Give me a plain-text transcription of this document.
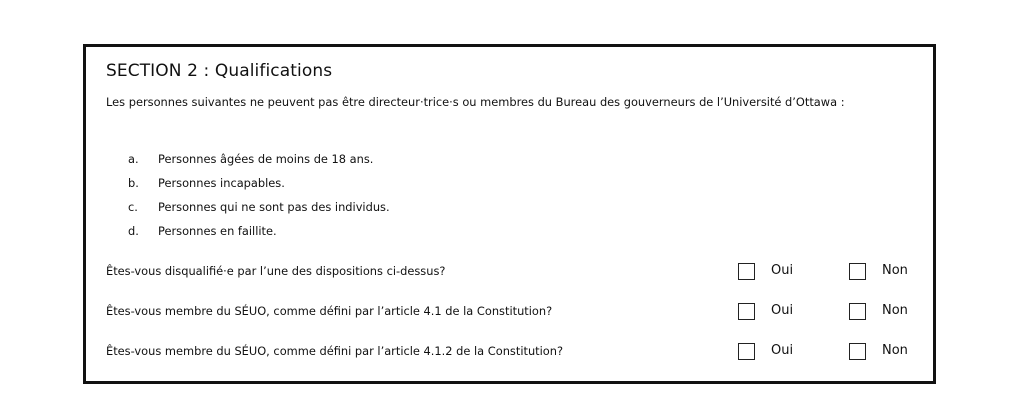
SECTION 2 : Qualifications
Les personnes suivantes ne peuvent pas être directeur·trice·s ou membres du Bureau des gouverneurs de l’Université d’Ottawa :
a. Personnes âgées de moins de 18 ans.
b. Personnes incapables.
c. Personnes qui ne sont pas des individus.
d. Personnes en faillite.
Êtes-vous disqualifié·e par l’une des dispositions ci-dessus?	Oui	Non
Êtes-vous membre du SÉUO, comme défini par l’article 4.1 de la Constitution?	Oui	Non
Êtes-vous membre du SÉUO, comme défini par l’article 4.1.2 de la Constitution?	Oui	Non
